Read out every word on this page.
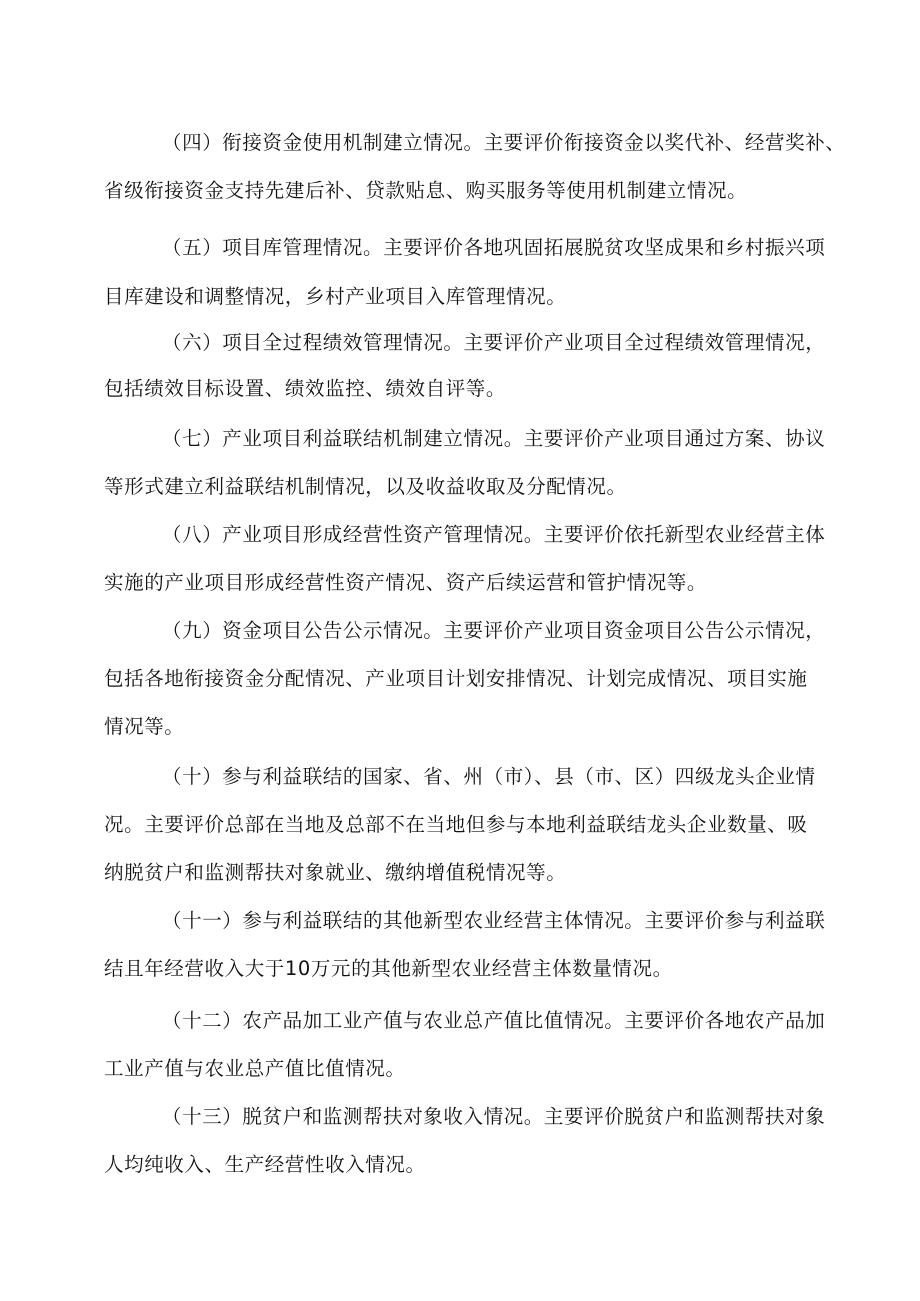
（四）衔接资金使用机制建立情况。主要评价衔接资金以奖代补、经营奖补、
省级衔接资金支持先建后补、贷款贴息、购买服务等使用机制建立情况。
（五）项目库管理情况。主要评价各地巩固拓展脱贫攻坚成果和乡村振兴项
目库建设和调整情况，乡村产业项目入库管理情况。
（六）项目全过程绩效管理情况。主要评价产业项目全过程绩效管理情况，
包括绩效目标设置、绩效监控、绩效自评等。
（七）产业项目利益联结机制建立情况。主要评价产业项目通过方案、协议
等形式建立利益联结机制情况，以及收益收取及分配情况。
（八）产业项目形成经营性资产管理情况。主要评价依托新型农业经营主体
实施的产业项目形成经营性资产情况、资产后续运营和管护情况等。
（九）资金项目公告公示情况。主要评价产业项目资金项目公告公示情况，
包括各地衔接资金分配情况、产业项目计划安排情况、计划完成情况、项目实施
情况等。
（十）参与利益联结的国家、省、州（市）、县（市、区）四级龙头企业情
况。主要评价总部在当地及总部不在当地但参与本地利益联结龙头企业数量、吸
纳脱贫户和监测帮扶对象就业、缴纳增值税情况等。
（十一）参与利益联结的其他新型农业经营主体情况。主要评价参与利益联
结且年经营收入大于10万元的其他新型农业经营主体数量情况。
（十二）农产品加工业产值与农业总产值比值情况。主要评价各地农产品加
工业产值与农业总产值比值情况。
（十三）脱贫户和监测帮扶对象收入情况。主要评价脱贫户和监测帮扶对象
人均纯收入、生产经营性收入情况。
